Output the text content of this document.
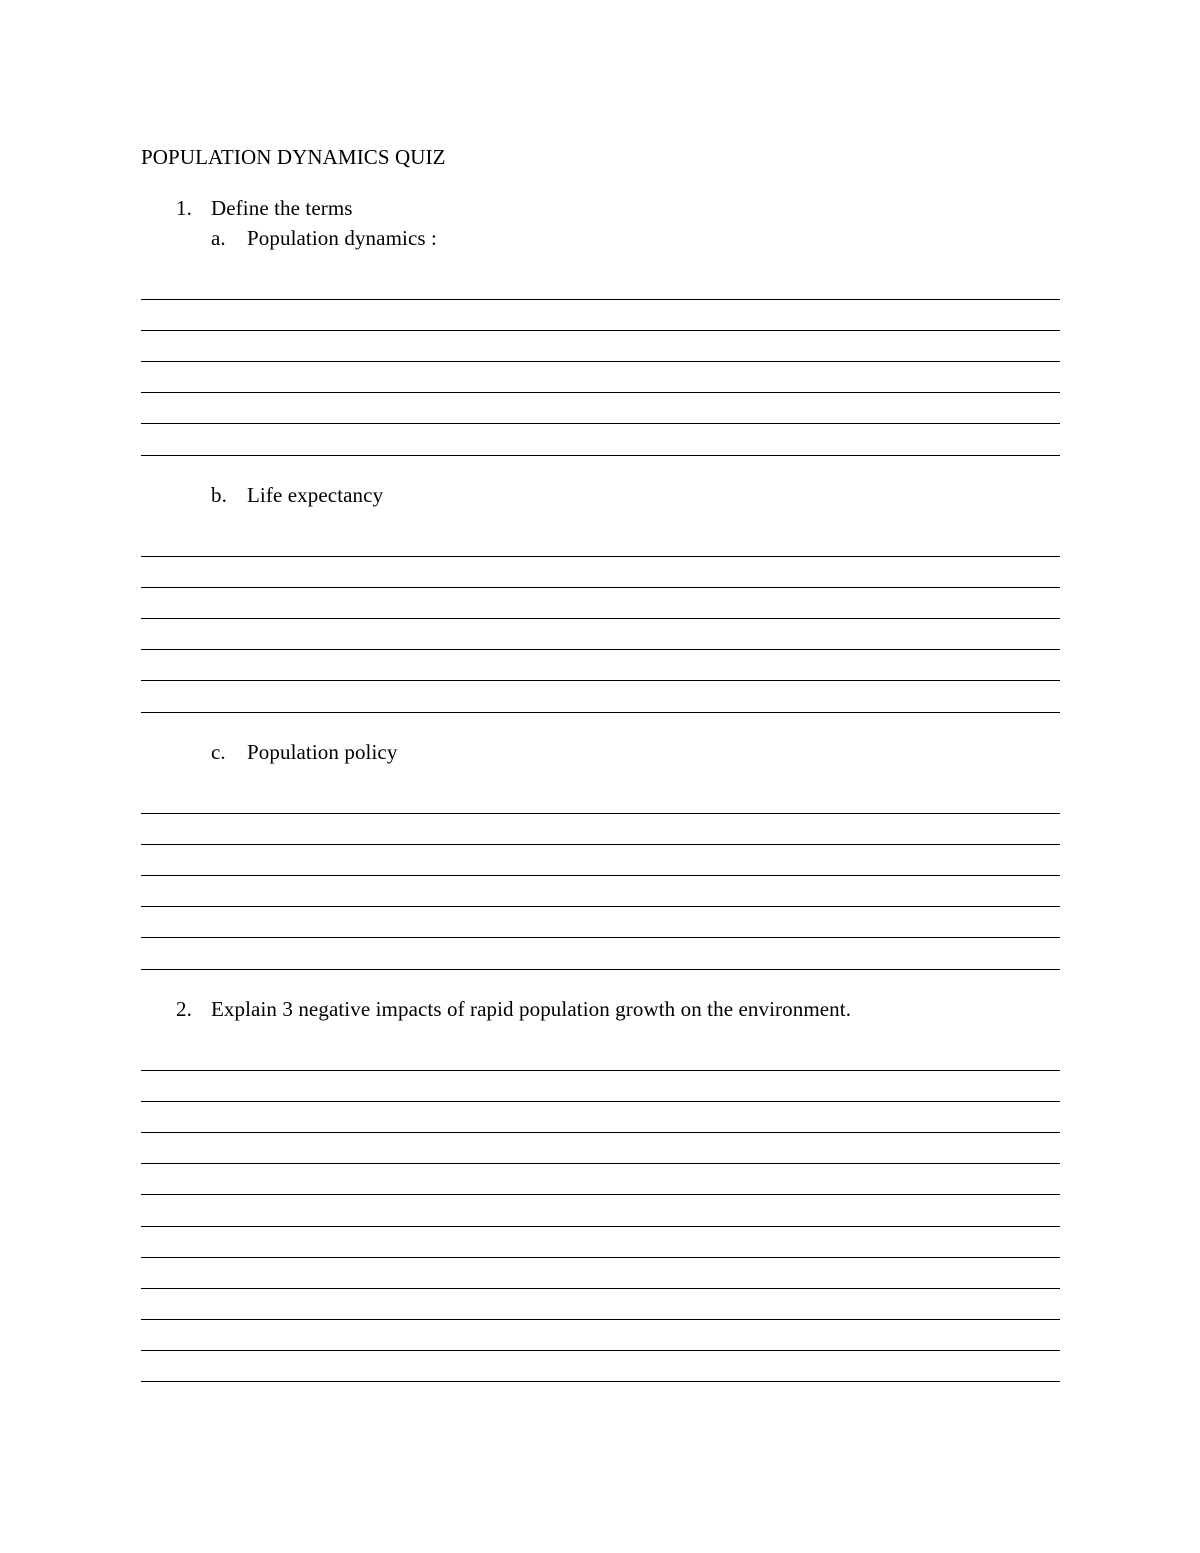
POPULATION DYNAMICS QUIZ
1. Define the terms
a. Population dynamics :
b. Life expectancy
c. Population policy
2. Explain 3 negative impacts of rapid population growth on the environment.
